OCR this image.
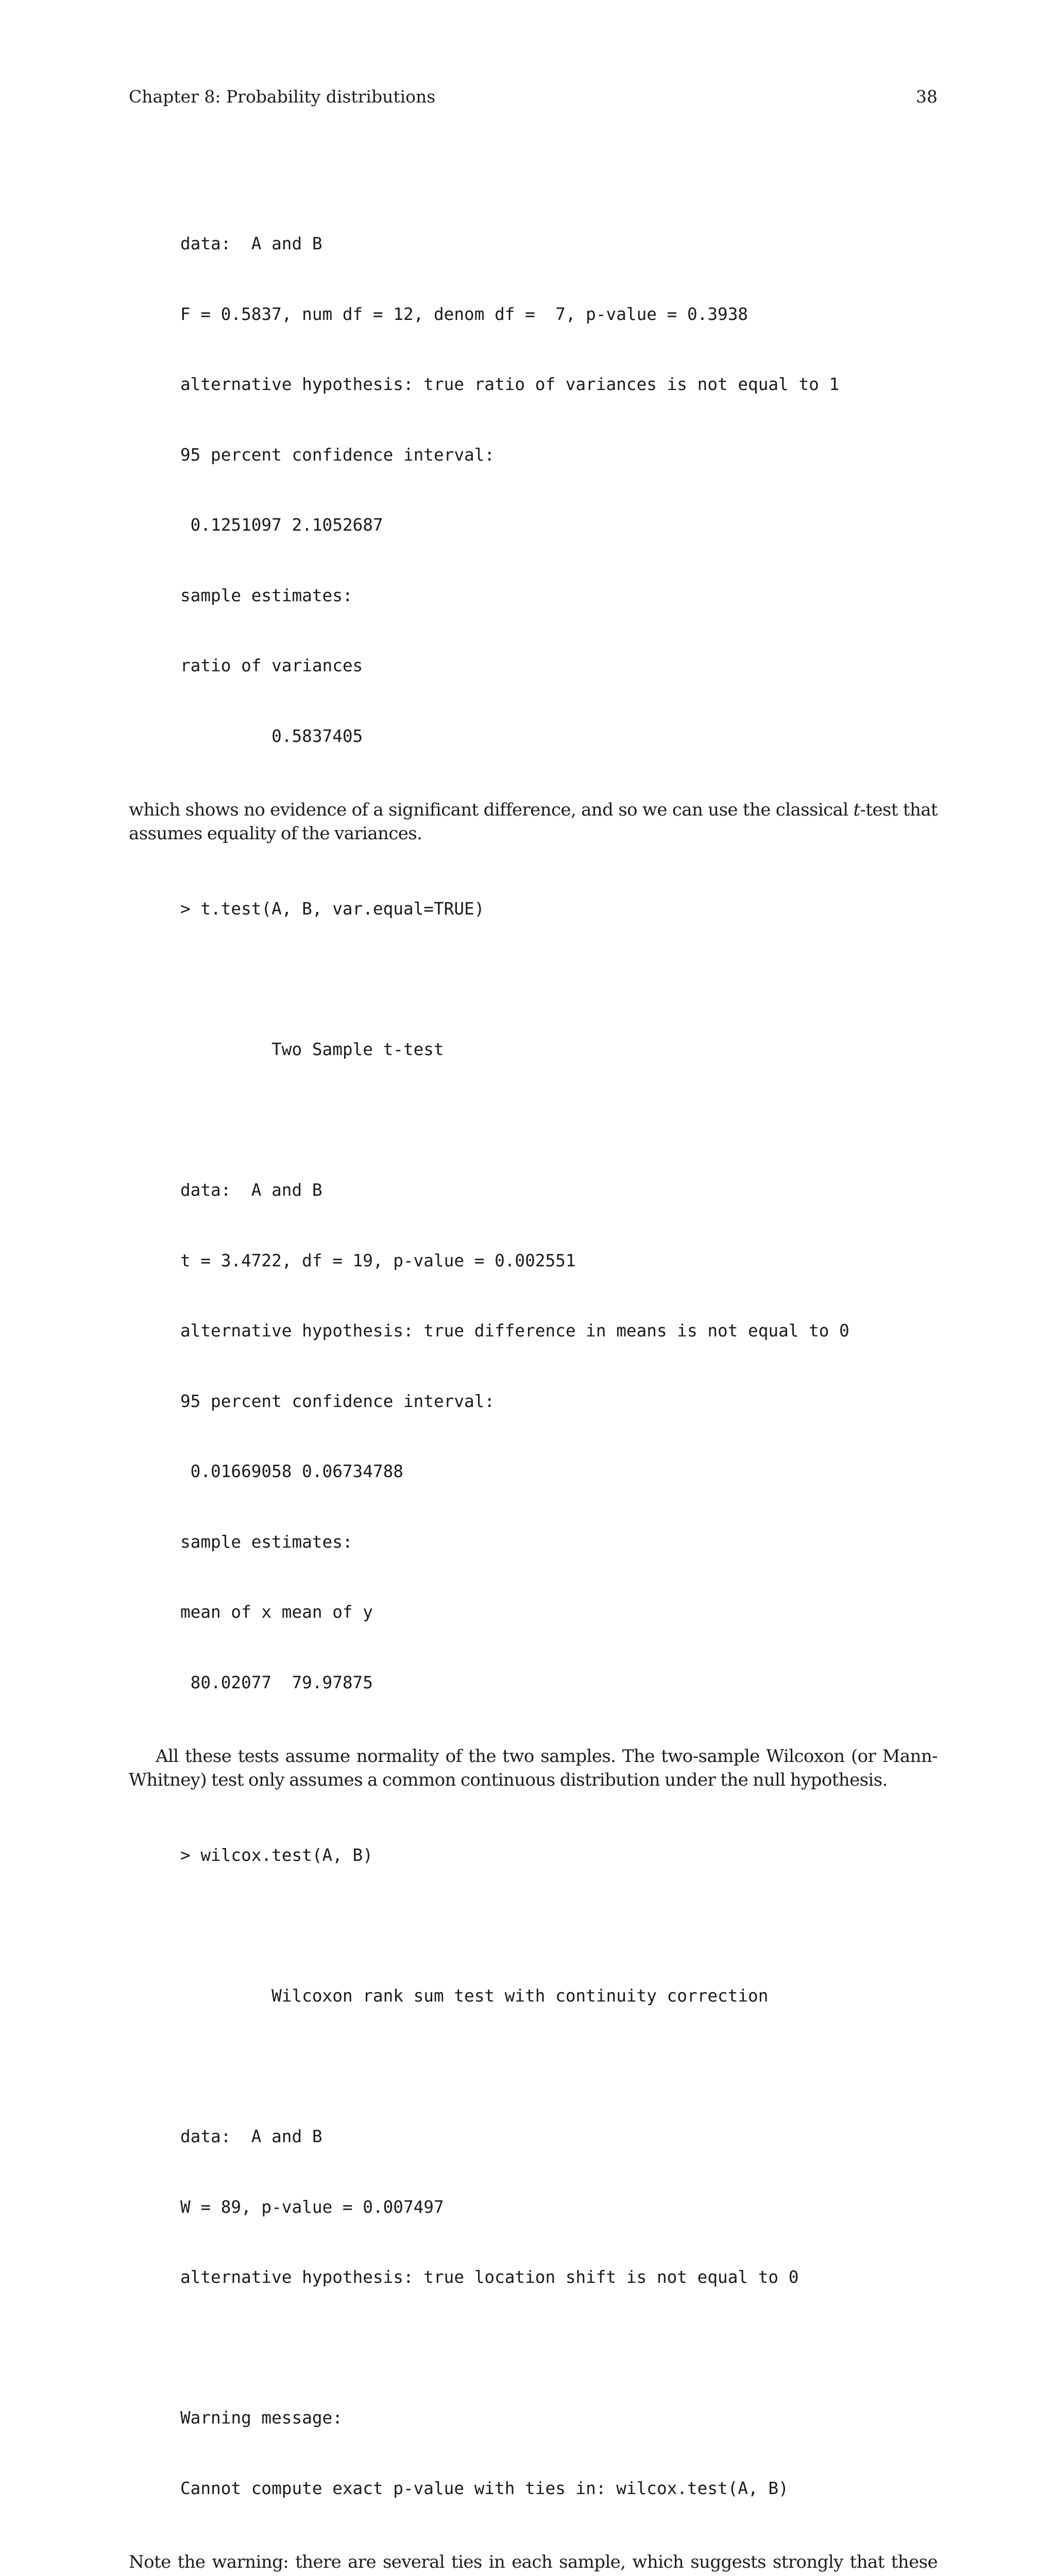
Chapter 8: Probability distributions	38

data:  A and B

F = 0.5837, num df = 12, denom df =  7, p-value = 0.3938

alternative hypothesis: true ratio of variances is not equal to 1

95 percent confidence interval:

0.1251097 2.1052687

sample estimates:

ratio of variances

0.5837405

which shows no evidence of a significant difference, and so we can use the classical t-test that assumes equality of the variances.

> t.test(A, B, var.equal=TRUE)

Two Sample t-test

data:  A and B

t = 3.4722, df = 19, p-value = 0.002551

alternative hypothesis: true difference in means is not equal to 0

95 percent confidence interval:

0.01669058 0.06734788

sample estimates:

mean of x mean of y

80.02077  79.97875

All these tests assume normality of the two samples. The two-sample Wilcoxon (or Mann-Whitney) test only assumes a common continuous distribution under the null hypothesis.

> wilcox.test(A, B)

Wilcoxon rank sum test with continuity correction

data:  A and B

W = 89, p-value = 0.007497

alternative hypothesis: true location shift is not equal to 0

Warning message:

Cannot compute exact p-value with ties in: wilcox.test(A, B)

Note the warning: there are several ties in each sample, which suggests strongly that these
